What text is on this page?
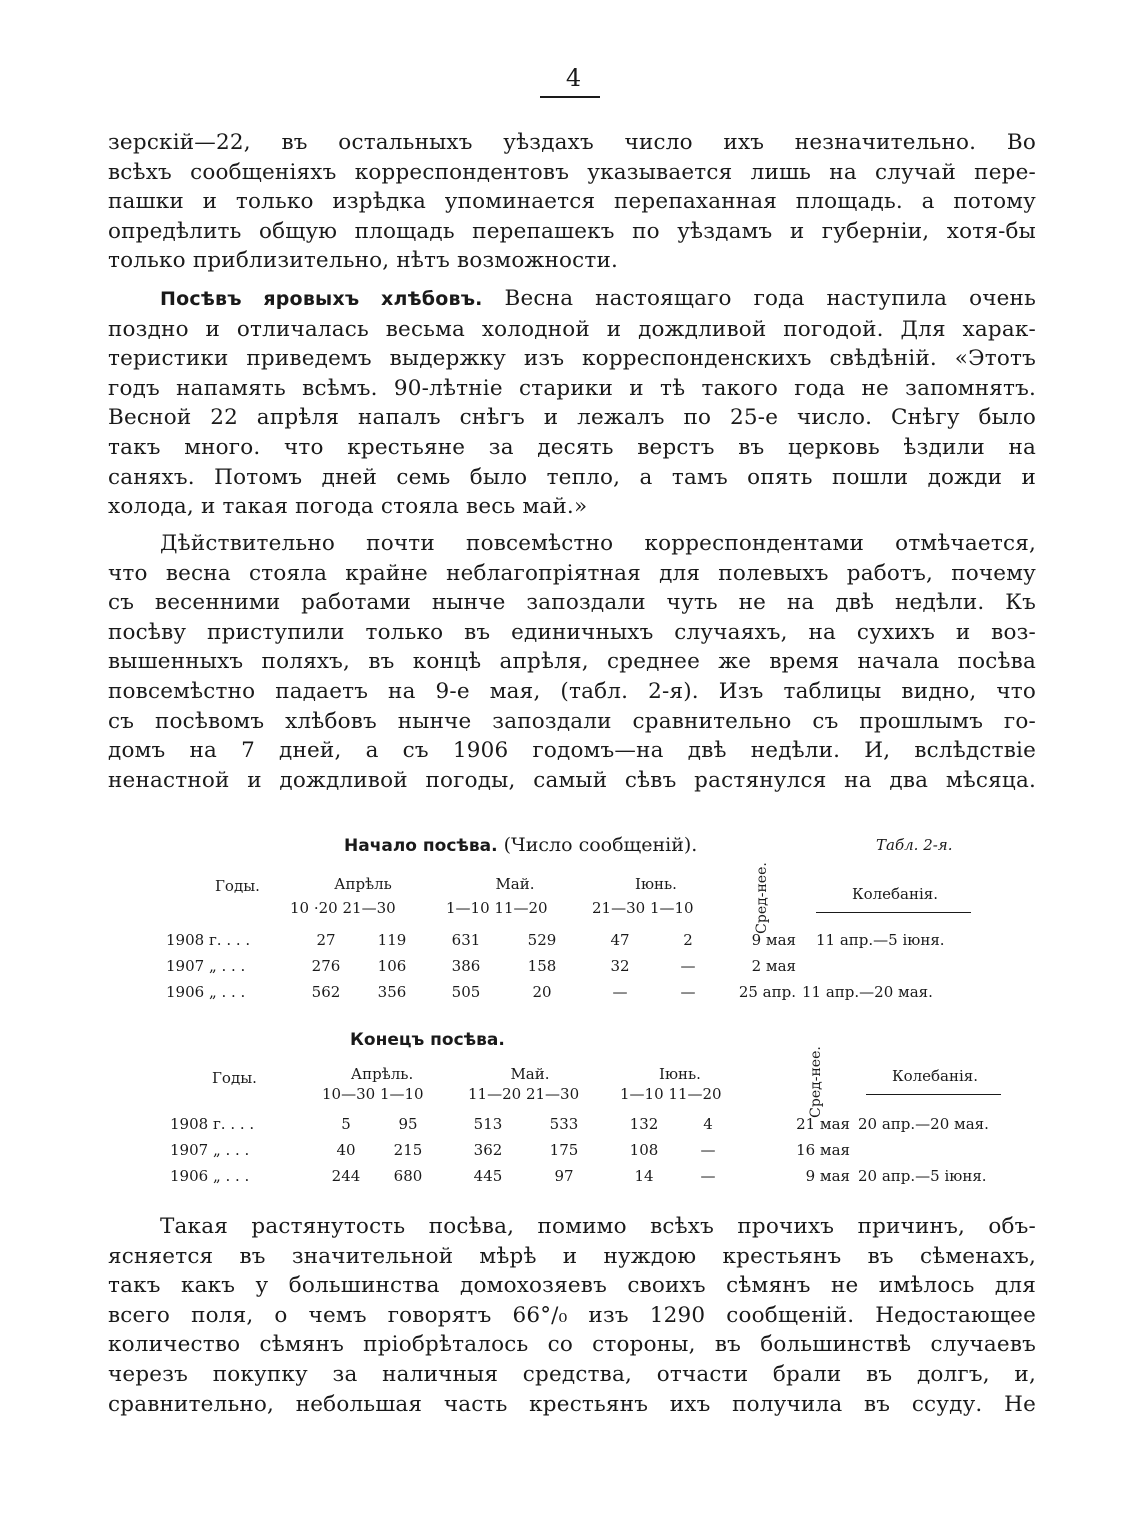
4
зерскій—22, въ остальныхъ уѣздахъ число ихъ незначительно. Во
всѣхъ сообщеніяхъ корреспондентовъ указывается лишь на случай пере-
пашки и только изрѣдка упоминается перепаханная площадь. а потому
опредѣлить общую площадь перепашекъ по уѣздамъ и губерніи, хотя-бы
только приблизительно, нѣтъ возможности.
Посѣвъ яровыхъ хлѣбовъ. Весна настоящаго года наступила очень
поздно и отличалась весьма холодной и дождливой погодой. Для харак-
теристики приведемъ выдержку изъ корреспонденскихъ свѣдѣній. «Этотъ
годъ напамять всѣмъ. 90-лѣтніе старики и тѣ такого года не запомнятъ.
Весной 22 апрѣля напалъ снѣгъ и лежалъ по 25-е число. Снѣгу было
такъ много. что крестьяне за десять верстъ въ церковь ѣздили на
саняхъ. Потомъ дней семь было тепло, а тамъ опять пошли дожди и
холода, и такая погода стояла весь май.»
Дѣйствительно почти повсемѣстно корреспондентами отмѣчается,
что весна стояла крайне неблагопріятная для полевыхъ работъ, почему
съ весенними работами нынче запоздали чуть не на двѣ недѣли. Къ
посѣву приступили только въ единичныхъ случаяхъ, на сухихъ и воз-
вышенныхъ поляхъ, въ концѣ апрѣля, среднее же время начала посѣва
повсемѣстно падаетъ на 9-е мая, (табл. 2-я). Изъ таблицы видно, что
съ посѣвомъ хлѣбовъ нынче запоздали сравнительно съ прошлымъ го-
домъ на 7 дней, а съ 1906 годомъ—на двѣ недѣли. И, вслѣдствіе
ненастной и дождливой погоды, самый сѣвъ растянулся на два мѣсяца.
Начало посѣва. (Число сообщеній).	Табл. 2-я.
Годы.	Апрѣль	Май.	Іюнь.
10 ·20 21—30	1—10 11—20	21—30 1—10	Сред-нее.	Колебанія.
1908 г. . . .	27	119	631	529	47	2	9 мая 11 апр.—5 іюня.
1907 „ . . .	276	106	386	158	32	—	2 мая
1906 „ . . .	562	356	505	20	—	—	25 апр. 11 апр.—20 мая.
Конецъ посѣва.
Годы.	Апрѣль.	Май.	Іюнь.
10—30 1—10	11—20 21—30	1—10 11—20	Сред-нее.	Колебанія.
1908 г. . . .	5	95	513	533	132	4	21 мая 20 апр.—20 мая.
1907 „ . . .	40	215	362	175	108	—	16 мая
1906 „ . . .	244	680	445	97	14	—	9 мая 20 апр.—5 іюня.
Такая растянутость посѣва, помимо всѣхъ прочихъ причинъ, объ-
ясняется въ значительной мѣрѣ и нуждою крестьянъ въ сѣменахъ,
такъ какъ у большинства домохозяевъ своихъ сѣмянъ не имѣлось для
всего поля, о чемъ говорятъ 66°/₀ изъ 1290 сообщеній. Недостающее
количество сѣмянъ пріобрѣталось со стороны, въ большинствѣ случаевъ
черезъ покупку за наличныя средства, отчасти брали въ долгъ, и,
сравнительно, небольшая часть крестьянъ ихъ получила въ ссуду. Не
